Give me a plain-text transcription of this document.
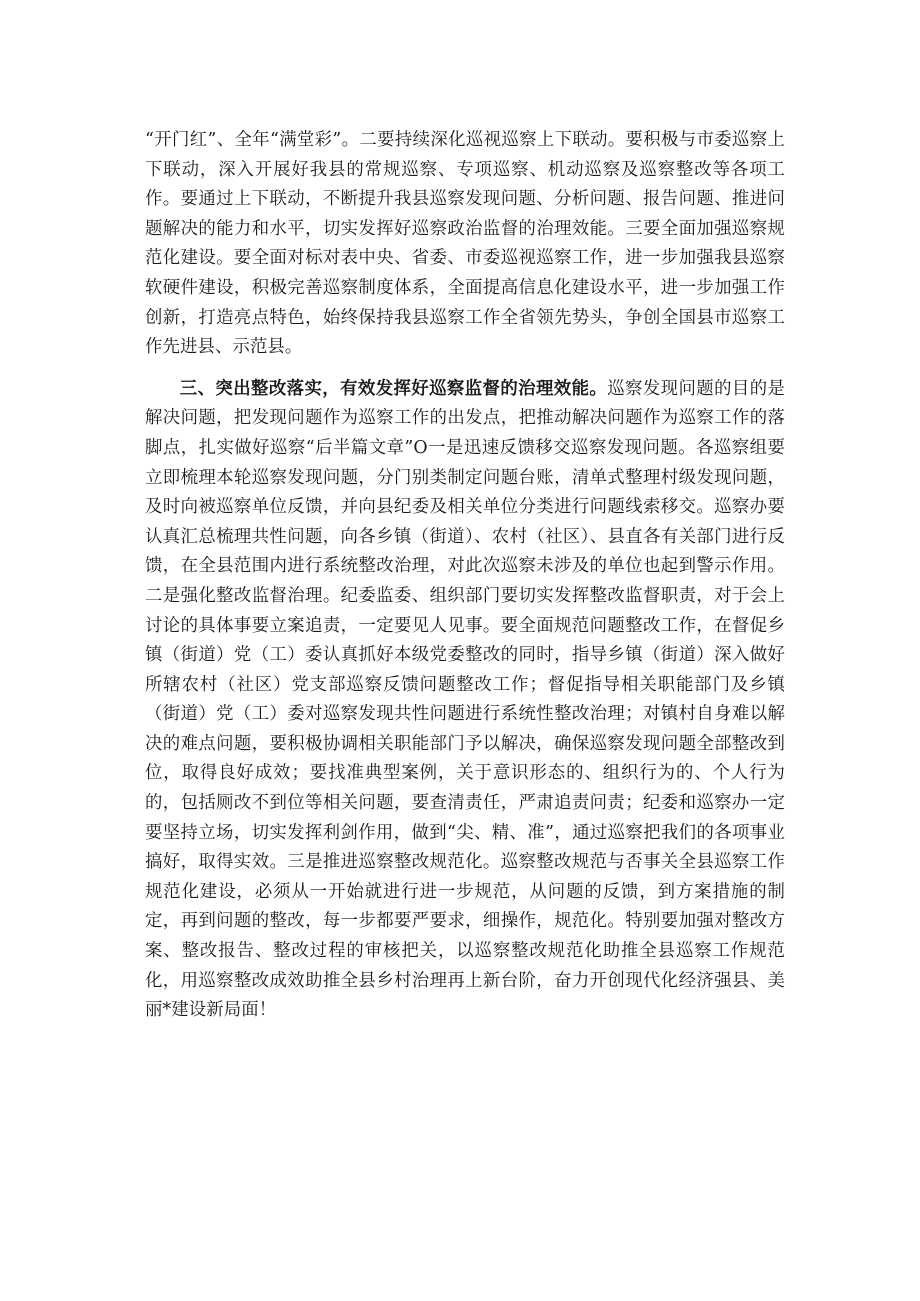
“开门红”、全年“满堂彩”。二要持续深化巡视巡察上下联动。要积极与市委巡察上下联动，深入开展好我县的常规巡察、专项巡察、机动巡察及巡察整改等各项工作。要通过上下联动，不断提升我县巡察发现问题、分析问题、报告问题、推进问题解决的能力和水平，切实发挥好巡察政治监督的治理效能。三要全面加强巡察规范化建设。要全面对标对表中央、省委、市委巡视巡察工作，进一步加强我县巡察软硬件建设，积极完善巡察制度体系，全面提高信息化建设水平，进一步加强工作创新，打造亮点特色，始终保持我县巡察工作全省领先势头，争创全国县市巡察工作先进县、示范县。

三、突出整改落实，有效发挥好巡察监督的治理效能。巡察发现问题的目的是解决问题，把发现问题作为巡察工作的出发点，把推动解决问题作为巡察工作的落脚点，扎实做好巡察“后半篇文章”O一是迅速反馈移交巡察发现问题。各巡察组要立即梳理本轮巡察发现问题，分门别类制定问题台账，清单式整理村级发现问题，及时向被巡察单位反馈，并向县纪委及相关单位分类进行问题线索移交。巡察办要认真汇总梳理共性问题，向各乡镇（街道）、农村（社区）、县直各有关部门进行反馈，在全县范围内进行系统整改治理，对此次巡察未涉及的单位也起到警示作用。二是强化整改监督治理。纪委监委、组织部门要切实发挥整改监督职责，对于会上讨论的具体事要立案追责，一定要见人见事。要全面规范问题整改工作，在督促乡镇（街道）党（工）委认真抓好本级党委整改的同时，指导乡镇（街道）深入做好所辖农村（社区）党支部巡察反馈问题整改工作；督促指导相关职能部门及乡镇（街道）党（工）委对巡察发现共性问题进行系统性整改治理；对镇村自身难以解决的难点问题，要积极协调相关职能部门予以解决，确保巡察发现问题全部整改到位，取得良好成效；要找准典型案例，关于意识形态的、组织行为的、个人行为的，包括厕改不到位等相关问题，要查清责任，严肃追责问责；纪委和巡察办一定要坚持立场，切实发挥利剑作用，做到“尖、精、准”，通过巡察把我们的各项事业搞好，取得实效。三是推进巡察整改规范化。巡察整改规范与否事关全县巡察工作规范化建设，必须从一开始就进行进一步规范，从问题的反馈，到方案措施的制定，再到问题的整改，每一步都要严要求，细操作，规范化。特别要加强对整改方案、整改报告、整改过程的审核把关，以巡察整改规范化助推全县巡察工作规范化，用巡察整改成效助推全县乡村治理再上新台阶，奋力开创现代化经济强县、美丽*建设新局面！
